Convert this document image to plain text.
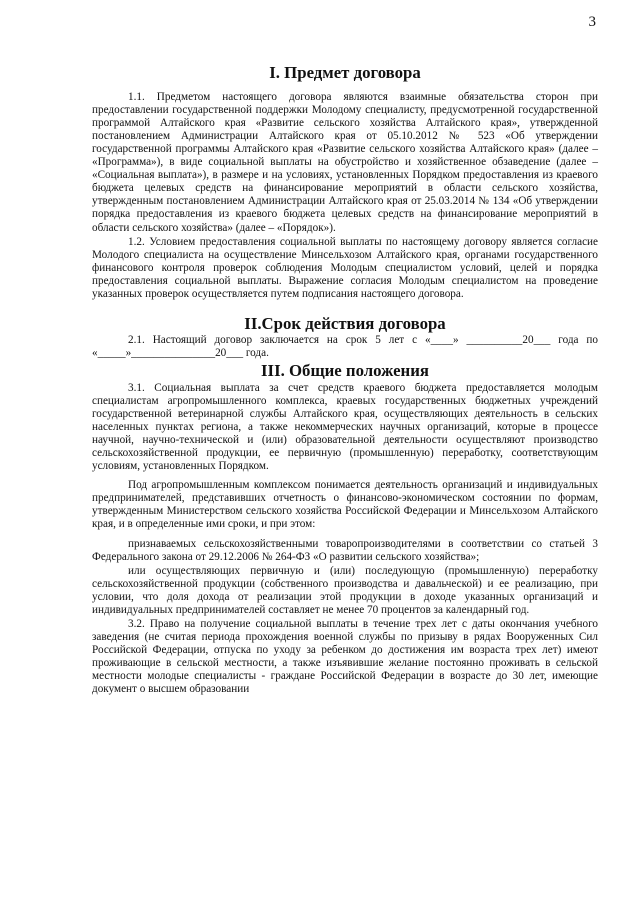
3
I. Предмет договора

1.1. Предметом настоящего договора являются взаимные обязательства сторон при предоставлении государственной поддержки Молодому специалисту, предусмотренной государственной программой Алтайского края «Развитие сельского хозяйства Алтайского края», утвержденной постановлением Администрации Алтайского края от 05.10.2012 № 523 «Об утверждении государственной программы Алтайского края «Развитие сельского хозяйства Алтайского края» (далее – «Программа»), в виде социальной выплаты на обустройство и хозяйственное обзаведение (далее – «Социальная выплата»), в размере и на условиях, установленных Порядком предоставления из краевого бюджета целевых средств на финансирование мероприятий в области сельского хозяйства, утвержденным постановлением Администрации Алтайского края от 25.03.2014 № 134 «Об утверждении порядка предоставления из краевого бюджета целевых средств на финансирование мероприятий в области сельского хозяйства» (далее – «Порядок»).

1.2. Условием предоставления социальной выплаты по настоящему договору является согласие Молодого специалиста на осуществление Минсельхозом Алтайского края, органами государственного финансового контроля проверок соблюдения Молодым специалистом условий, целей и порядка предоставления социальной выплаты. Выражение согласия Молодым специалистом на проведение указанных проверок осуществляется путем подписания настоящего договора.

II.Срок действия договора

2.1. Настоящий договор заключается на срок 5 лет с «____» __________20___ года по «_____»_______________20___ года.

III. Общие положения

3.1. Социальная выплата за счет средств краевого бюджета предоставляется молодым специалистам агропромышленного комплекса, краевых государственных бюджетных учреждений государственной ветеринарной службы Алтайского края, осуществляющих деятельность в сельских населенных пунктах региона, а также некоммерческих научных организаций, которые в процессе научной, научно-технической и (или) образовательной деятельности осуществляют производство сельскохозяйственной продукции, ее первичную (промышленную) переработку, соответствующим условиям, установленных Порядком.

Под агропромышленным комплексом понимается деятельность организаций и индивидуальных предпринимателей, представивших отчетность о финансово-экономическом состоянии по формам, утвержденным Министерством сельского хозяйства Российской Федерации и Минсельхозом Алтайского края, и в определенные ими сроки, и при этом:

признаваемых сельскохозяйственными товаропроизводителями в соответствии со статьей 3 Федерального закона от 29.12.2006 № 264-ФЗ «О развитии сельского хозяйства»;

или осуществляющих первичную и (или) последующую (промышленную) переработку сельскохозяйственной продукции (собственного производства и давальческой) и ее реализацию, при условии, что доля дохода от реализации этой продукции в доходе указанных организаций и индивидуальных предпринимателей составляет не менее 70 процентов за календарный год.

3.2. Право на получение социальной выплаты в течение трех лет с даты окончания учебного заведения (не считая периода прохождения военной службы по призыву в рядах Вооруженных Сил Российской Федерации, отпуска по уходу за ребенком до достижения им возраста трех лет) имеют проживающие в сельской местности, а также изъявившие желание постоянно проживать в сельской местности молодые специалисты - граждане Российской Федерации в возрасте до 30 лет, имеющие документ о высшем образовании
